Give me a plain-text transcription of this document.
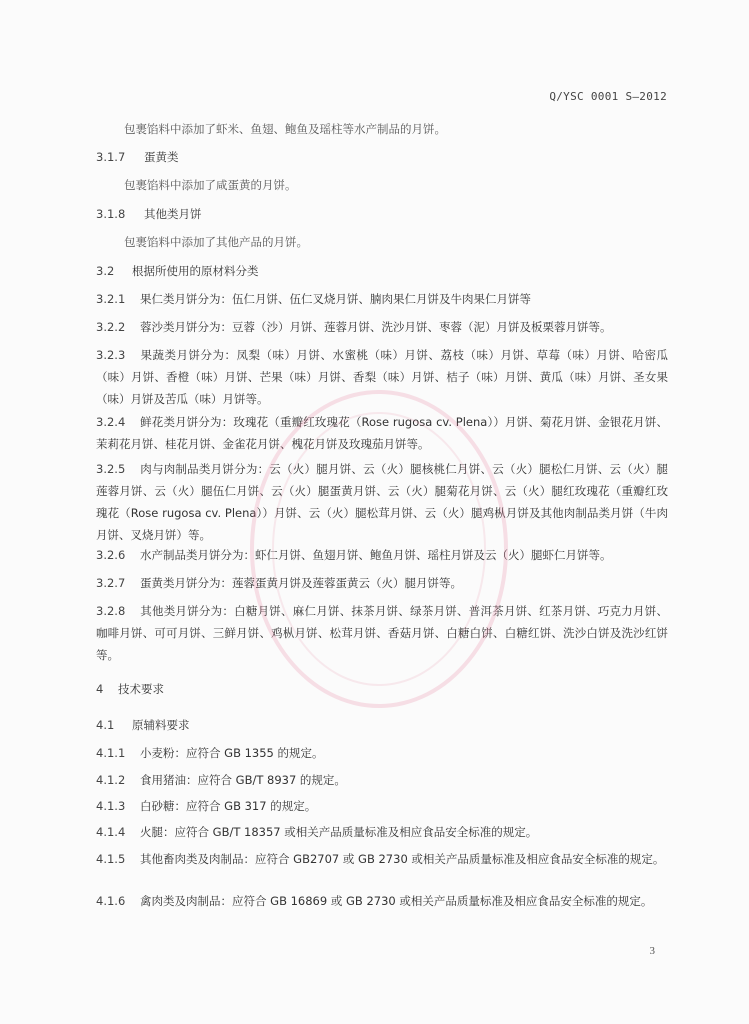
Q/YSC 0001 S—2012
包裹馅料中添加了虾米、鱼翅、鲍鱼及瑶柱等水产制品的月饼。
3.1.7 蛋黄类
包裹馅料中添加了咸蛋黄的月饼。
3.1.8 其他类月饼
包裹馅料中添加了其他产品的月饼。
3.2 根据所使用的原材料分类
3.2.1 果仁类月饼分为：伍仁月饼、伍仁叉烧月饼、腩肉果仁月饼及牛肉果仁月饼等
3.2.2 蓉沙类月饼分为：豆蓉（沙）月饼、莲蓉月饼、洗沙月饼、枣蓉（泥）月饼及板栗蓉月饼等。
3.2.3 果蔬类月饼分为：凤梨（味）月饼、水蜜桃（味）月饼、荔枝（味）月饼、草莓（味）月饼、哈密瓜（味）月饼、香橙（味）月饼、芒果（味）月饼、香梨（味）月饼、桔子（味）月饼、黄瓜（味）月饼、圣女果（味）月饼及苦瓜（味）月饼等。
3.2.4 鲜花类月饼分为：玫瑰花（重瓣红玫瑰花（Rose rugosa cv. Plena））月饼、菊花月饼、金银花月饼、茉莉花月饼、桂花月饼、金雀花月饼、槐花月饼及玫瑰茄月饼等。
3.2.5 肉与肉制品类月饼分为：云（火）腿月饼、云（火）腿核桃仁月饼、云（火）腿松仁月饼、云（火）腿莲蓉月饼、云（火）腿伍仁月饼、云（火）腿蛋黄月饼、云（火）腿菊花月饼、云（火）腿红玫瑰花（重瓣红玫瑰花（Rose rugosa cv. Plena））月饼、云（火）腿松茸月饼、云（火）腿鸡枞月饼及其他肉制品类月饼（牛肉月饼、叉烧月饼）等。
3.2.6 水产制品类月饼分为：虾仁月饼、鱼翅月饼、鲍鱼月饼、瑶柱月饼及云（火）腿虾仁月饼等。
3.2.7 蛋黄类月饼分为：莲蓉蛋黄月饼及莲蓉蛋黄云（火）腿月饼等。
3.2.8 其他类月饼分为：白糖月饼、麻仁月饼、抹茶月饼、绿茶月饼、普洱茶月饼、红茶月饼、巧克力月饼、咖啡月饼、可可月饼、三鲜月饼、鸡枞月饼、松茸月饼、香菇月饼、白糖白饼、白糖红饼、洗沙白饼及洗沙红饼等。
4 技术要求
4.1 原辅料要求
4.1.1 小麦粉：应符合 GB 1355 的规定。
4.1.2 食用猪油：应符合 GB/T 8937 的规定。
4.1.3 白砂糖：应符合 GB 317 的规定。
4.1.4 火腿：应符合 GB/T 18357 或相关产品质量标准及相应食品安全标准的规定。
4.1.5 其他畜肉类及肉制品：应符合 GB2707 或 GB 2730 或相关产品质量标准及相应食品安全标准的规定。
4.1.6 禽肉类及肉制品：应符合 GB 16869 或 GB 2730 或相关产品质量标准及相应食品安全标准的规定。
3
